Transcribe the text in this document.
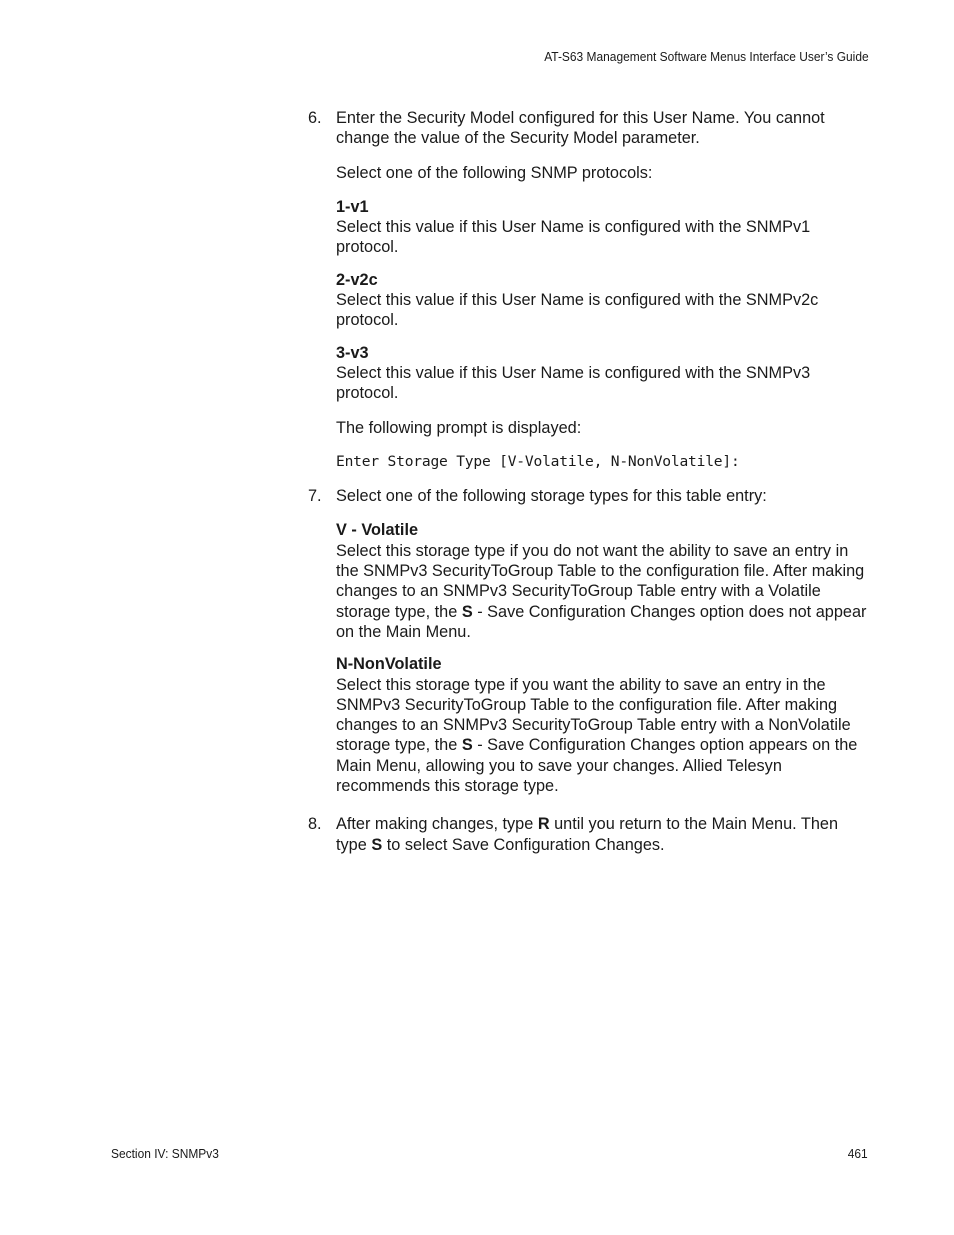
AT-S63 Management Software Menus Interface User’s Guide
6. Enter the Security Model configured for this User Name. You cannot change the value of the Security Model parameter.

Select one of the following SNMP protocols:

1-v1
Select this value if this User Name is configured with the SNMPv1 protocol.
2-v2c
Select this value if this User Name is configured with the SNMPv2c protocol.
3-v3
Select this value if this User Name is configured with the SNMPv3 protocol.

The following prompt is displayed:

Enter Storage Type [V-Volatile, N-NonVolatile]:
7. Select one of the following storage types for this table entry:

V - Volatile
Select this storage type if you do not want the ability to save an entry in the SNMPv3 SecurityToGroup Table to the configuration file. After making changes to an SNMPv3 SecurityToGroup Table entry with a Volatile storage type, the S - Save Configuration Changes option does not appear on the Main Menu.
N-NonVolatile
Select this storage type if you want the ability to save an entry in the SNMPv3 SecurityToGroup Table to the configuration file. After making changes to an SNMPv3 SecurityToGroup Table entry with a NonVolatile storage type, the S - Save Configuration Changes option appears on the Main Menu, allowing you to save your changes. Allied Telesyn recommends this storage type.
8. After making changes, type R until you return to the Main Menu. Then type S to select Save Configuration Changes.

Section IV: SNMPv3	461
